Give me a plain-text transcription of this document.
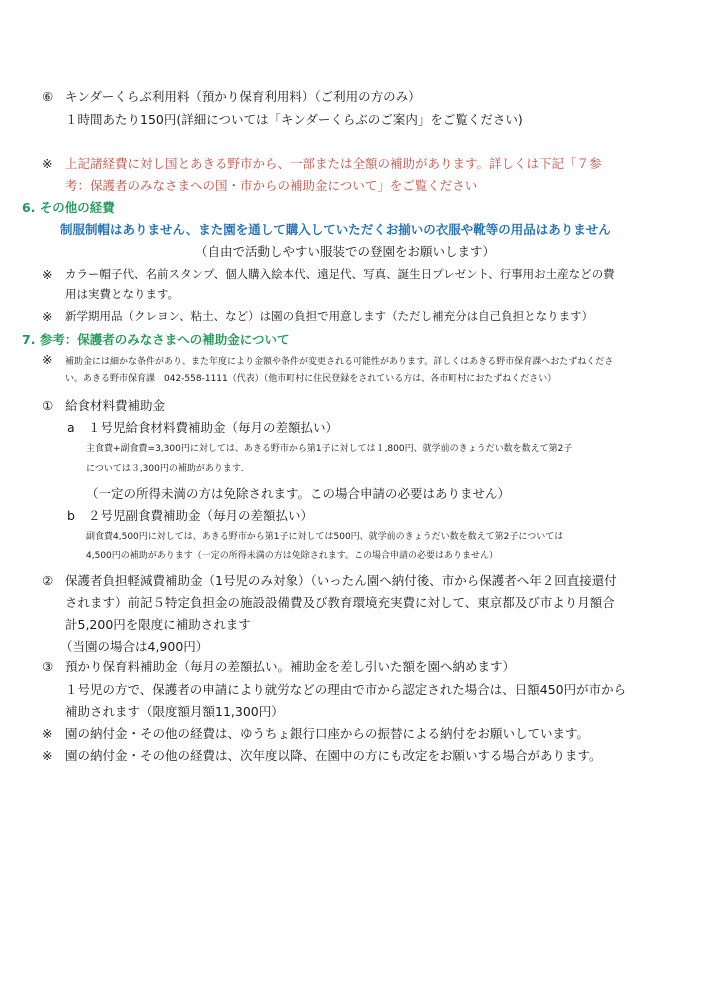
⑥ キンダーくらぶ利用料（預かり保育利用料）（ご利用の方のみ）
１時間あたり150円(詳細については「キンダーくらぶのご案内」をご覧ください)
※ 上記諸経費に対し国とあきる野市から、一部または全額の補助があります。詳しくは下記「７参
考：保護者のみなさまへの国・市からの補助金について」をご覧ください
6. その他の経費
制服制帽はありません、また園を通して購入していただくお揃いの衣服や靴等の用品はありません
（自由で活動しやすい服装での登園をお願いします）
※ カラー帽子代、名前スタンプ、個人購入絵本代、遠足代、写真、誕生日プレゼント、行事用お土産などの費
用は実費となります。
※ 新学期用品（クレヨン、粘土、など）は園の負担で用意します（ただし補充分は自己負担となります）
7. 参考：保護者のみなさまへの補助金について
※ 補助金には細かな条件があり、また年度により金額や条件が変更される可能性があります。詳しくはあきる野市保育課へおたずねくださ
い。あきる野市保育課　042-558-1111（代表）（他市町村に住民登録をされている方は、各市町村におたずねください）
① 給食材料費補助金
a １号児給食材料費補助金（毎月の差額払い）
主食費+副食費=3,300円に対しては、あきる野市から第1子に対しては１,800円、就学前のきょうだい数を数えて第2子
については３,300円の補助があります.
（一定の所得未満の方は免除されます。この場合申請の必要はありません）
b ２号児副食費補助金（毎月の差額払い）
副食費4,500円に対しては、あきる野市から第1子に対しては500円、就学前のきょうだい数を数えて第2子については
4,500円の補助があります（一定の所得未満の方は免除されます。この場合申請の必要はありません）
② 保護者負担軽減費補助金（1号児のみ対象）（いったん園へ納付後、市から保護者へ年２回直接還付
されます）前記５特定負担金の施設設備費及び教育環境充実費に対して、東京都及び市より月額合
計5,200円を限度に補助されます
（当園の場合は4,900円）
③ 預かり保育料補助金（毎月の差額払い。補助金を差し引いた額を園へ納めます）
１号児の方で、保護者の申請により就労などの理由で市から認定された場合は、日額450円が市から
補助されます（限度額月額11,300円）
※ 園の納付金・その他の経費は、ゆうちょ銀行口座からの振替による納付をお願いしています。
※ 園の納付金・その他の経費は、次年度以降、在園中の方にも改定をお願いする場合があります。
